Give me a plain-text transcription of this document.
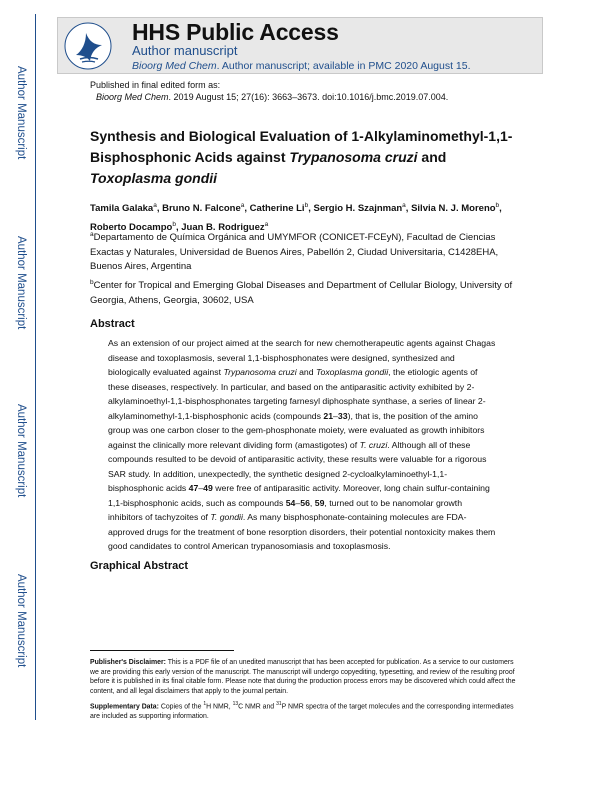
Author Manuscript
Author Manuscript
Author Manuscript
Author Manuscript
HHS Public Access
Author manuscript
Bioorg Med Chem. Author manuscript; available in PMC 2020 August 15.
Published in final edited form as:
Bioorg Med Chem. 2019 August 15; 27(16): 3663–3673. doi:10.1016/j.bmc.2019.07.004.
Synthesis and Biological Evaluation of 1-Alkylaminomethyl-1,1-Bisphosphonic Acids against Trypanosoma cruzi and Toxoplasma gondii
Tamila Galaka$^a$, Bruno N. Falcone$^a$, Catherine Li$^b$, Sergio H. Szajnman$^a$, Silvia N. J. Moreno$^b$, Roberto Docampo$^b$, Juan B. Rodriguez$^a$
$^a$Departamento de Química Orgánica and UMYMFOR (CONICET-FCEyN), Facultad de Ciencias Exactas y Naturales, Universidad de Buenos Aires, Pabellón 2, Ciudad Universitaria, C1428EHA, Buenos Aires, Argentina
$^b$Center for Tropical and Emerging Global Diseases and Department of Cellular Biology, University of Georgia, Athens, Georgia, 30602, USA
Abstract
As an extension of our project aimed at the search for new chemotherapeutic agents against Chagas disease and toxoplasmosis, several 1,1-bisphosphonates were designed, synthesized and biologically evaluated against Trypanosoma cruzi and Toxoplasma gondii, the etiologic agents of these diseases, respectively. In particular, and based on the antiparasitic activity exhibited by 2-alkylaminoethyl-1,1-bisphosphonates targeting farnesyl diphosphate synthase, a series of linear 2-alkylaminomethyl-1,1-bisphosphonic acids (compounds 21–33), that is, the position of the amino group was one carbon closer to the gem-phosphonate moiety, were evaluated as growth inhibitors against the clinically more relevant dividing form (amastigotes) of T. cruzi. Although all of these compounds resulted to be devoid of antiparasitic activity, these results were valuable for a rigorous SAR study. In addition, unexpectedly, the synthetic designed 2-cycloalkylaminoethyl-1,1-bisphosphonic acids 47–49 were free of antiparasitic activity. Moreover, long chain sulfur-containing 1,1-bisphosphonic acids, such as compounds 54–56, 59, turned out to be nanomolar growth inhibitors of tachyzoites of T. gondii. As many bisphosphonate-containing molecules are FDA-approved drugs for the treatment of bone resorption disorders, their potential nontoxicity makes them good candidates to control American trypanosomiasis and toxoplasmosis.
Graphical Abstract
Publisher's Disclaimer: This is a PDF file of an unedited manuscript that has been accepted for publication. As a service to our customers we are providing this early version of the manuscript. The manuscript will undergo copyediting, typesetting, and review of the resulting proof before it is published in its final citable form. Please note that during the production process errors may be discovered which could affect the content, and all legal disclaimers that apply to the journal pertain.
Supplementary Data: Copies of the $^1$H NMR, $^{13}$C NMR and $^{31}$P NMR spectra of the target molecules and the corresponding intermediates are included as supporting information.
